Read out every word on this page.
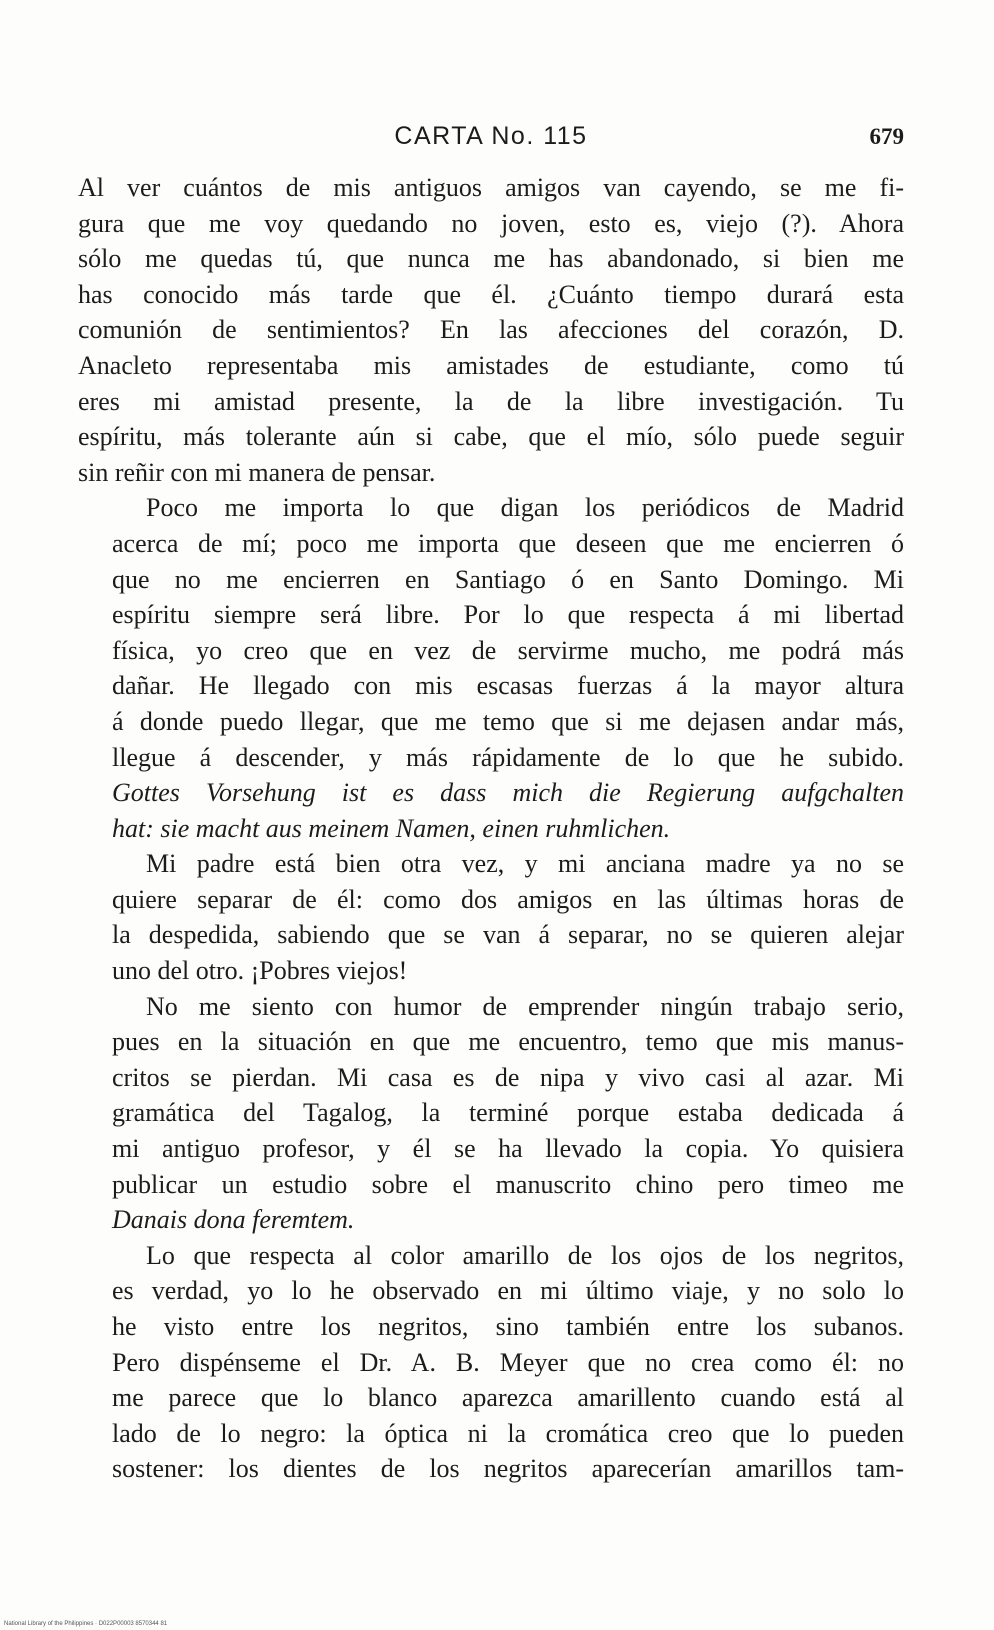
CARTA No. 115	679

Al ver cuántos de mis antiguos amigos van cayendo, se me fi-
gura que me voy quedando no joven, esto es, viejo (?). Ahora
sólo me quedas tú, que nunca me has abandonado, si bien me
has conocido más tarde que él. ¿Cuánto tiempo durará esta
comunión de sentimientos? En las afecciones del corazón, D.
Anacleto representaba mis amistades de estudiante, como tú
eres mi amistad presente, la de la libre investigación. Tu
espíritu, más tolerante aún si cabe, que el mío, sólo puede seguir
sin reñir con mi manera de pensar.

Poco me importa lo que digan los periódicos de Madrid
acerca de mí; poco me importa que deseen que me encierren ó
que no me encierren en Santiago ó en Santo Domingo. Mi
espíritu siempre será libre. Por lo que respecta á mi libertad
física, yo creo que en vez de servirme mucho, me podrá más
dañar. He llegado con mis escasas fuerzas á la mayor altura
á donde puedo llegar, que me temo que si me dejasen andar más,
llegue á descender, y más rápidamente de lo que he subido.
Gottes Vorsehung ist es dass mich die Regierung aufgchalten
hat: sie macht aus meinem Namen, einen ruhmlichen.

Mi padre está bien otra vez, y mi anciana madre ya no se
quiere separar de él: como dos amigos en las últimas horas de
la despedida, sabiendo que se van á separar, no se quieren alejar
uno del otro. ¡Pobres viejos!

No me siento con humor de emprender ningún trabajo serio,
pues en la situación en que me encuentro, temo que mis manus-
critos se pierdan. Mi casa es de nipa y vivo casi al azar. Mi
gramática del Tagalog, la terminé porque estaba dedicada á
mi antiguo profesor, y él se ha llevado la copia. Yo quisiera
publicar un estudio sobre el manuscrito chino pero timeo me
Danais dona feremtem.

Lo que respecta al color amarillo de los ojos de los negritos,
es verdad, yo lo he observado en mi último viaje, y no solo lo
he visto entre los negritos, sino también entre los subanos.
Pero dispénseme el Dr. A. B. Meyer que no crea como él: no
me parece que lo blanco aparezca amarillento cuando está al
lado de lo negro: la óptica ni la cromática creo que lo pueden
sostener: los dientes de los negritos aparecerían amarillos tam-

National Library of the Philippines · D022P00003 8570344 81
